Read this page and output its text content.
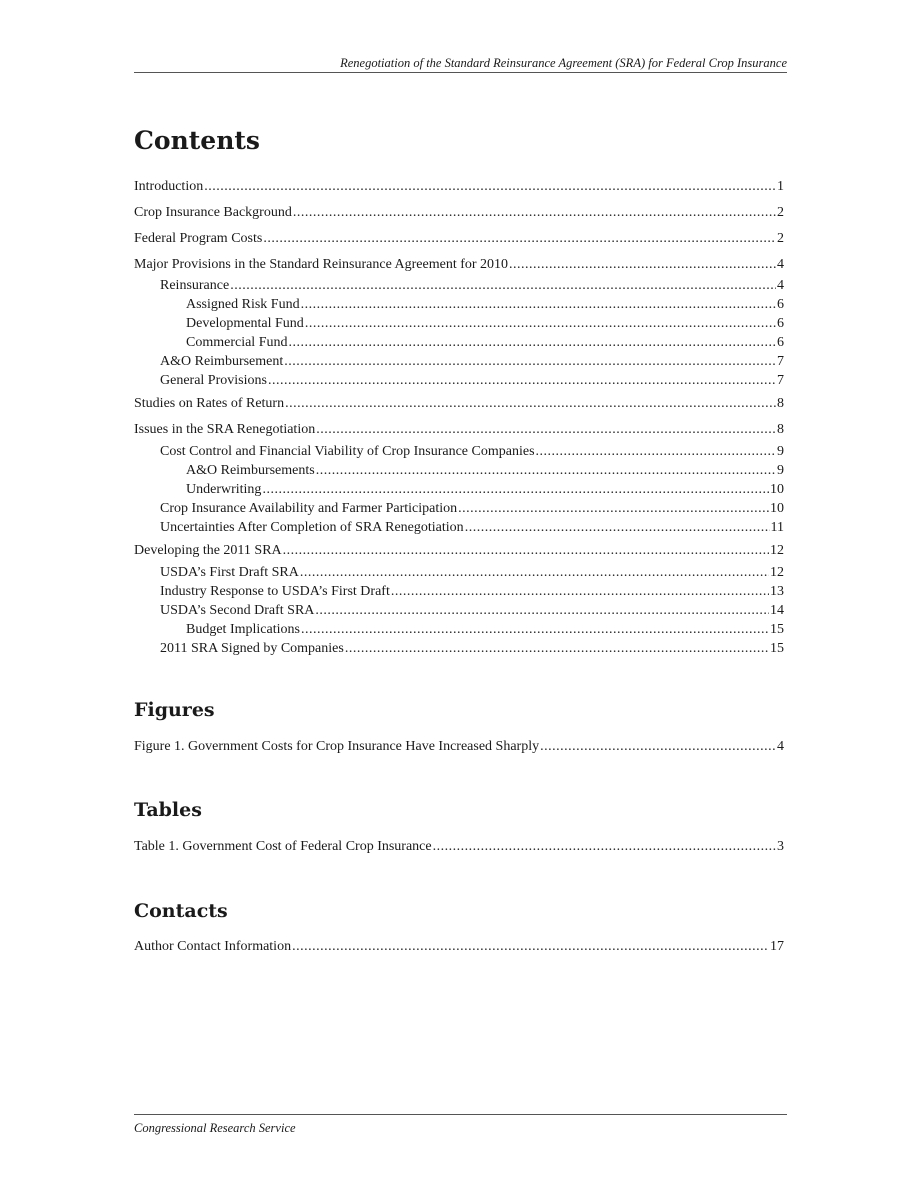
Renegotiation of the Standard Reinsurance Agreement (SRA) for Federal Crop Insurance
Contents
Introduction .....	1
Crop Insurance Background .....	2
Federal Program Costs .....	2
Major Provisions in the Standard Reinsurance Agreement for 2010 .....	4
Reinsurance .....	4
Assigned Risk Fund .....	6
Developmental Fund .....	6
Commercial Fund .....	6
A&O Reimbursement .....	7
General Provisions .....	7
Studies on Rates of Return .....	8
Issues in the SRA Renegotiation .....	8
Cost Control and Financial Viability of Crop Insurance Companies .....	9
A&O Reimbursements .....	9
Underwriting .....	10
Crop Insurance Availability and Farmer Participation .....	10
Uncertainties After Completion of SRA Renegotiation .....	11
Developing the 2011 SRA .....	12
USDA’s First Draft SRA .....	12
Industry Response to USDA’s First Draft .....	13
USDA’s Second Draft SRA .....	14
Budget Implications .....	15
2011 SRA Signed by Companies .....	15
Figures
Figure 1. Government Costs for Crop Insurance Have Increased Sharply .....	4
Tables
Table 1. Government Cost of Federal Crop Insurance .....	3
Contacts
Author Contact Information .....	17
Congressional Research Service
